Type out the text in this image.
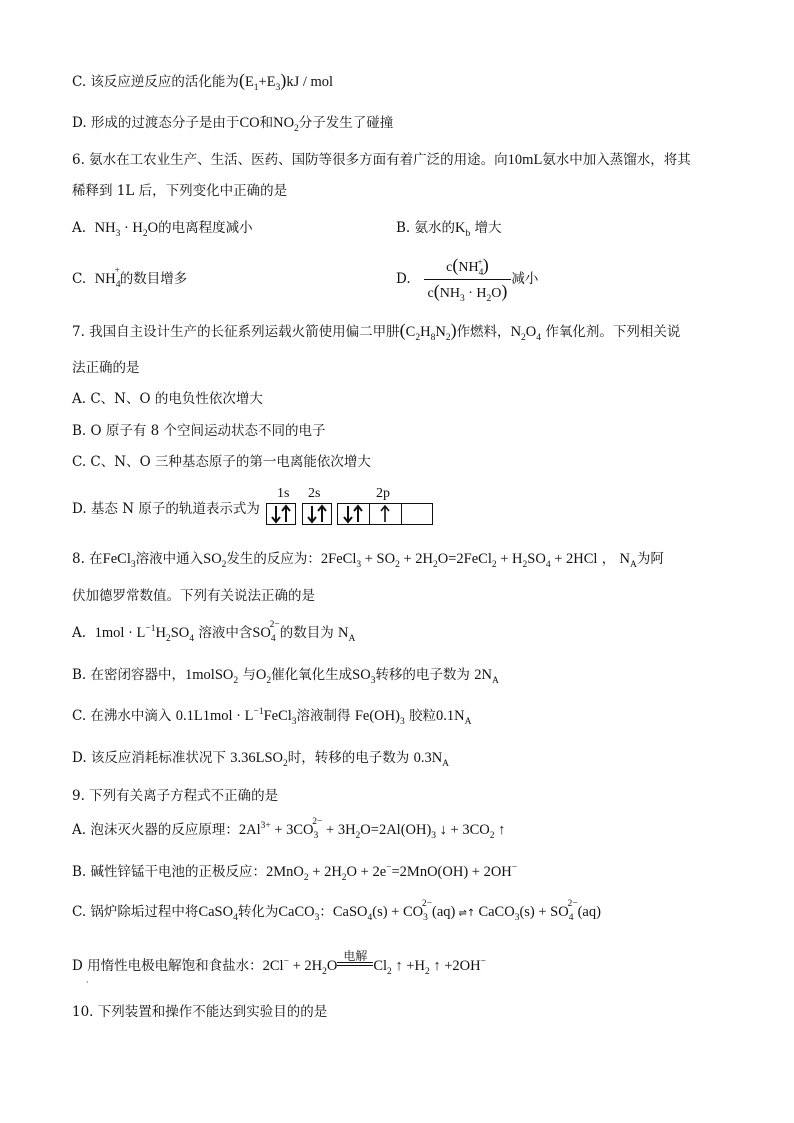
C. 该反应逆反应的活化能为$(E_1+E_3)kJ$ / mol
D. 形成的过渡态分子是由于CO和$NO_2$分子发生了碰撞
6. 氨水在工农业生产、生活、医药、国防等很多方面有着广泛的用途。向10mL氨水中加入蒸馏水，将其
稀释到 1L 后，下列变化中正确的是
A. $NH_3 \cdot H_2O$的电离程度减小	B. 氨水的$K_b$ 增大
C. $NH_4^+$的数目增多	D. $\frac{c(NH_4^+)}{c(NH_3 \cdot H_2O)}$ 减小
7. 我国自主设计生产的长征系列运载火箭使用偏二甲肼$(C_2H_8N_2)$作燃料，$N_2O_4$ 作氧化剂。下列相关说
法正确的是
A. C、N、O 的电负性依次增大
B. O 原子有 8 个空间运动状态不同的电子
C. C、N、O 三种基态原子的第一电离能依次增大
D. 基态 N 原子的轨道表示式为
1s 2s	2p
8. 在FeCl$_3$溶液中通入$SO_2$发生的反应为：2FeCl$_3$ + $SO_2$ + $2H_2O=2FeCl_2 + H_2SO_4 + 2HCl$ ， $N_A$为阿
伏加德罗常数值。下列有关说法正确的是
A. $1mol \cdot L^{-1}H_2SO_4$ 溶液中含$SO_4^{2-}$的数目为 $N_A$
B. 在密闭容器中，1molSO$_2$ 与$O_2$催化氧化生成$SO_3$转移的电子数为 $2N_A$
C. 在沸水中滴入 $0.1L1mol \cdot L^{-1}FeCl_3$溶液制得 $Fe(OH)_3$ 胶粒$0.1N_A$
D. 该反应消耗标准状况下 $3.36LSO_2$时，转移的电子数为 $0.3N_A$
9. 下列有关离子方程式不正确的是
A. 泡沫灭火器的反应原理：$2Al^{3+} + 3CO_3^{2-} + 3H_2O=2Al(OH)_3$ ↓ + $3CO_2$ ↑
B. 碱性锌锰干电池的正极反应：$2MnO_2 + 2H_2O + 2e^-=2MnO(OH) + 2OH^-$
C. 锅炉除垢过程中将CaSO$_4$转化为CaCO$_3$：CaSO$_4$(s) + $CO_3^{2-}(aq)$ ⇌↑ CaCO$_3$(s) + $SO_4^{2-}(aq)$
D 用惰性电极电解饱和食盐水：$2Cl^- + 2H_2O$
电解
$Cl_2$ ↑ $+H_2$ ↑ +2OH−
·
10. 下列装置和操作不能达到实验目的的是
